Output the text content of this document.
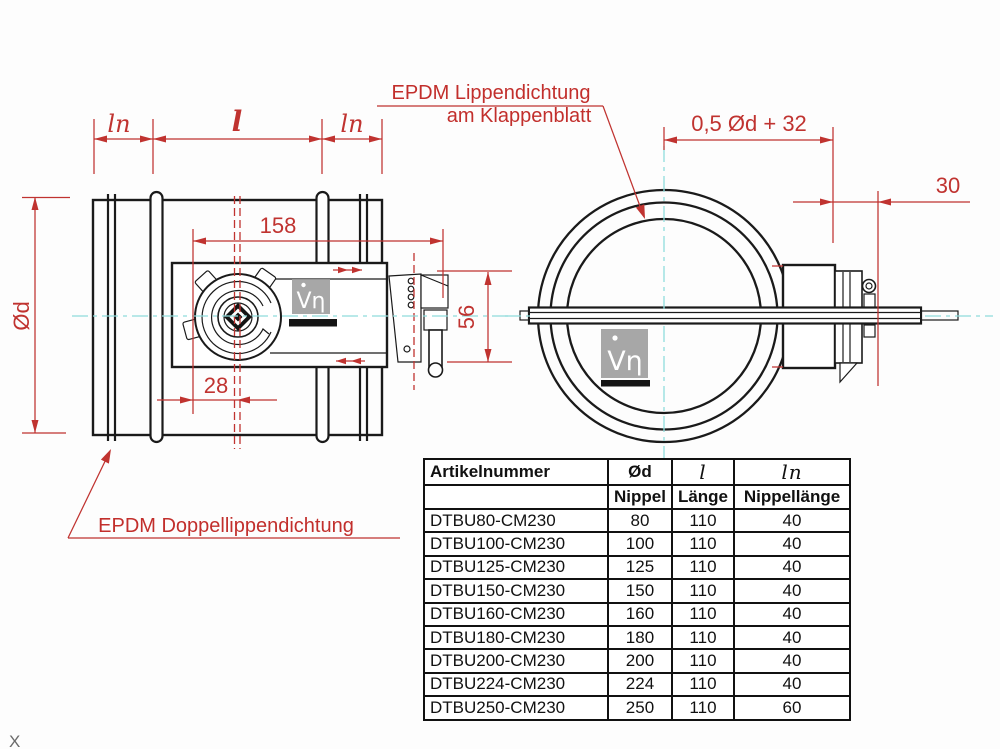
Vη
Vη
ln	l	ln
158
28
Ød	56
0,5 Ød + 32
30
EPDM Lippendichtung
am Klappenblatt
EPDM Doppellippendichtung
X
Artikelnummer	Ød	l	ln
	Nippel	Länge	Nippellänge
DTBU80-CM230	80	110	40
DTBU100-CM230	100	110	40
DTBU125-CM230	125	110	40
DTBU150-CM230	150	110	40
DTBU160-CM230	160	110	40
DTBU180-CM230	180	110	40
DTBU200-CM230	200	110	40
DTBU224-CM230	224	110	40
DTBU250-CM230	250	110	60
